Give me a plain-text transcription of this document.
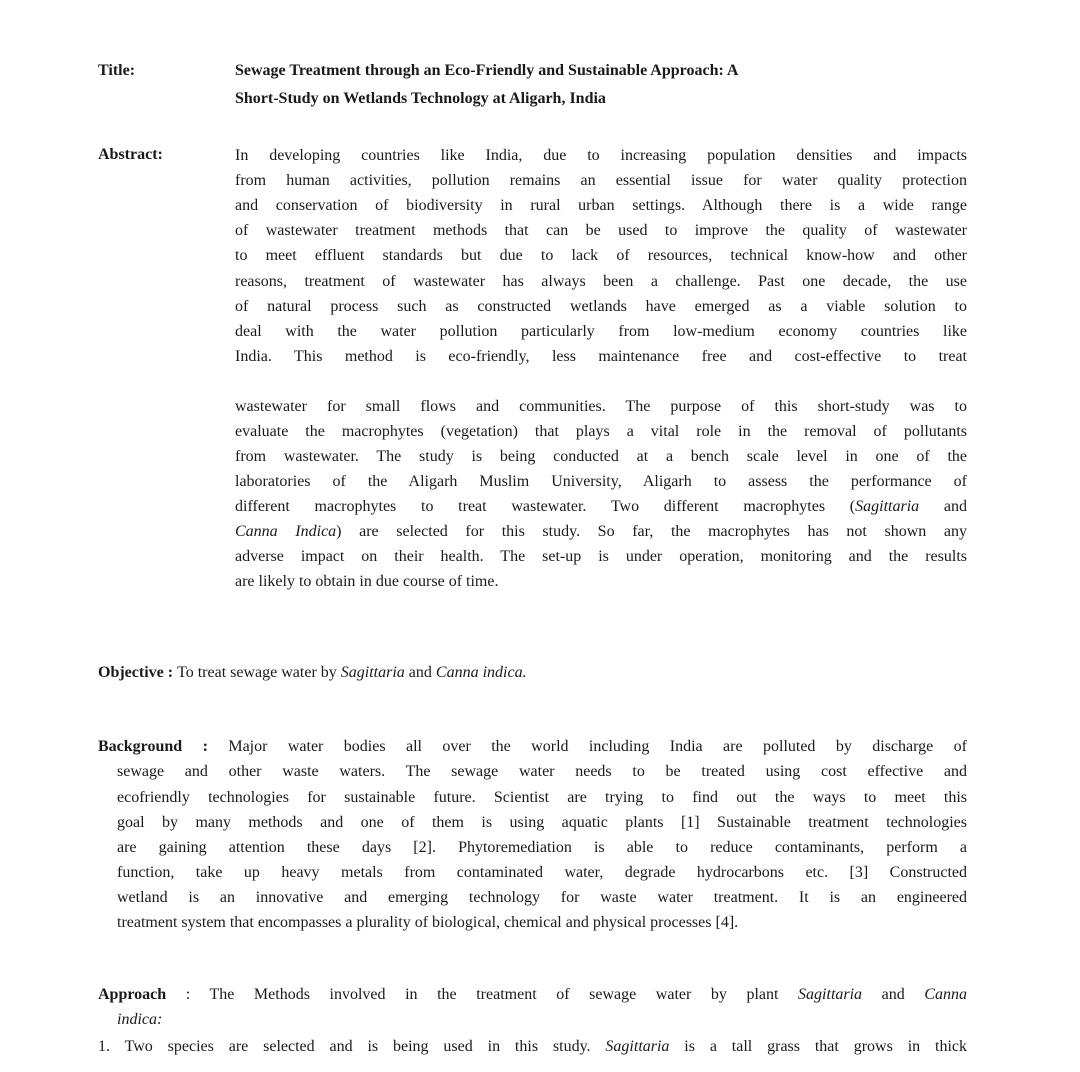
Title:	Sewage Treatment through an Eco-Friendly and Sustainable Approach: A
Short-Study on Wetlands Technology at Aligarh, India
Abstract:	In developing countries like India, due to increasing population densities and impacts
from human activities, pollution remains an essential issue for water quality protection
and conservation of biodiversity in rural urban settings. Although there is a wide range
of wastewater treatment methods that can be used to improve the quality of wastewater
to meet effluent standards but due to lack of resources, technical know-how and other
reasons, treatment of wastewater has always been a challenge. Past one decade, the use
of natural process such as constructed wetlands have emerged as a viable solution to
deal with the water pollution particularly from low-medium economy countries like
India. This method is eco-friendly, less maintenance free and cost-effective to treat
wastewater for small flows and communities. The purpose of this short-study was to
evaluate the macrophytes (vegetation) that plays a vital role in the removal of pollutants
from wastewater. The study is being conducted at a bench scale level in one of the
laboratories of the Aligarh Muslim University, Aligarh to assess the performance of
different macrophytes to treat wastewater. Two different macrophytes (Sagittaria and
Canna Indica) are selected for this study. So far, the macrophytes has not shown any
adverse impact on their health. The set-up is under operation, monitoring and the results
are likely to obtain in due course of time.
Objective : To treat sewage water by Sagittaria and Canna indica.
Background : Major water bodies all over the world including India are polluted by discharge of
sewage and other waste waters. The sewage water needs to be treated using cost effective and
ecofriendly technologies for sustainable future. Scientist are trying to find out the ways to meet this
goal by many methods and one of them is using aquatic plants [1] Sustainable treatment technologies
are gaining attention these days [2]. Phytoremediation is able to reduce contaminants, perform a
function, take up heavy metals from contaminated water, degrade hydrocarbons etc. [3] Constructed
wetland is an innovative and emerging technology for waste water treatment. It is an engineered
treatment system that encompasses a plurality of biological, chemical and physical processes [4].
Approach : The Methods involved in the treatment of sewage water by plant Sagittaria and Canna
indica:
1. Two species are selected and is being used in this study. Sagittaria is a tall grass that grows in thick
